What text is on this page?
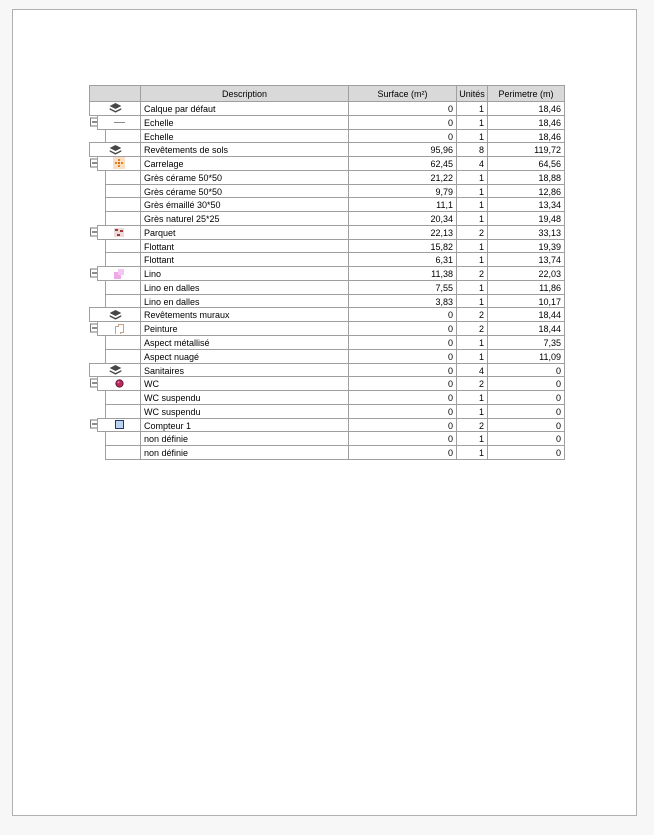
Description	Surface (m²)	Unités	Perimetre (m)
Calque par défaut	0	1	18,46
Echelle	0	1	18,46
Echelle	0	1	18,46
Revêtements de sols	95,96	8	119,72
Carrelage	62,45	4	64,56
Grès cérame 50*50	21,22	1	18,88
Grès cérame 50*50	9,79	1	12,86
Grès émaillé 30*50	11,1	1	13,34
Grès naturel 25*25	20,34	1	19,48
Parquet	22,13	2	33,13
Flottant	15,82	1	19,39
Flottant	6,31	1	13,74
Lino	11,38	2	22,03
Lino en dalles	7,55	1	11,86
Lino en dalles	3,83	1	10,17
Revêtements muraux	0	2	18,44
Peinture	0	2	18,44
Aspect métallisé	0	1	7,35
Aspect nuagé	0	1	11,09
Sanitaires	0	4	0
WC	0	2	0
WC suspendu	0	1	0
WC suspendu	0	1	0
Compteur 1	0	2	0
non définie	0	1	0
non définie	0	1	0
